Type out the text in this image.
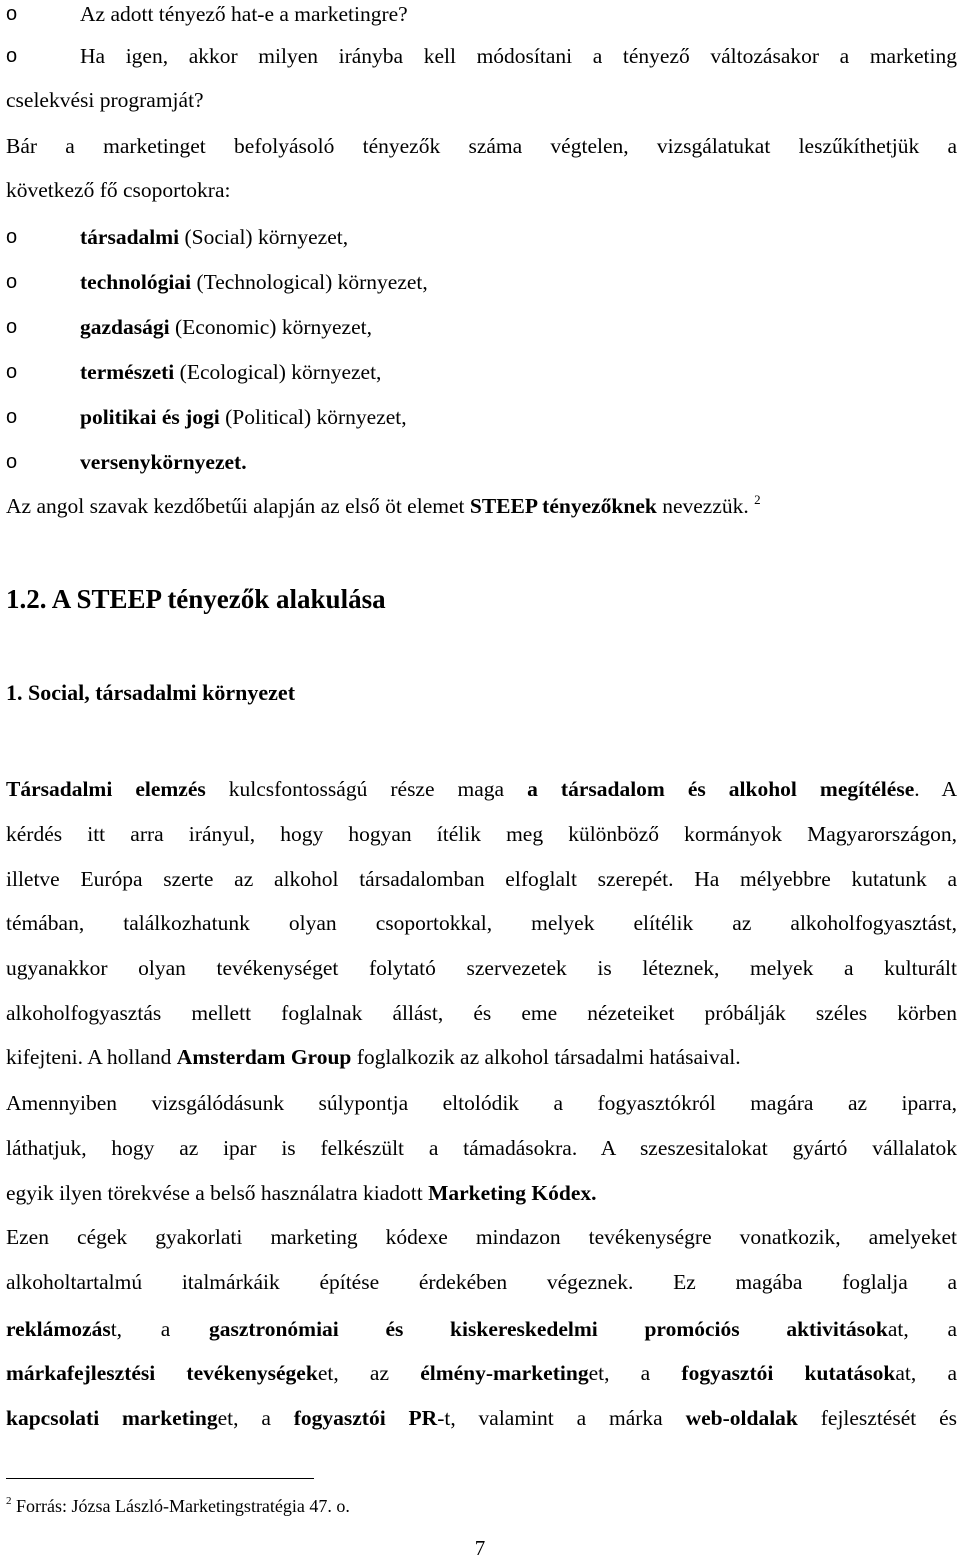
o	Az adott tényező hat-e a marketingre?
o	Ha igen, akkor milyen irányba kell módosítani a tényező változásakor a marketing
cselekvési programját?
Bár a marketinget befolyásoló tényezők száma végtelen, vizsgálatukat leszűkíthetjük a
következő fő csoportokra:
o	társadalmi (Social) környezet,
o	technológiai (Technological) környezet,
o	gazdasági (Economic) környezet,
o	természeti (Ecological) környezet,
o	politikai és jogi (Political) környezet,
o	versenykörnyezet.
Az angol szavak kezdőbetűi alapján az első öt elemet STEEP tényezőknek nevezzük. $^2$
1.2. A STEEP tényezők alakulása
1. Social, társadalmi környezet
Társadalmi elemzés kulcsfontosságú része maga a társadalom és alkohol megítélése. A
kérdés itt arra irányul, hogy hogyan ítélik meg különböző kormányok Magyarországon,
illetve Európa szerte az alkohol társadalomban elfoglalt szerepét. Ha mélyebbre kutatunk a
témában, találkozhatunk olyan csoportokkal, melyek elítélik az alkoholfogyasztást,
ugyanakkor olyan tevékenységet folytató szervezetek is léteznek, melyek a kulturált
alkoholfogyasztás mellett foglalnak állást, és eme nézeteiket próbálják széles körben
kifejteni. A holland Amsterdam Group foglalkozik az alkohol társadalmi hatásaival.
Amennyiben vizsgálódásunk súlypontja eltolódik a fogyasztókról magára az iparra,
láthatjuk, hogy az ipar is felkészült a támadásokra. A szeszesitalokat gyártó vállalatok
egyik ilyen törekvése a belső használatra kiadott Marketing Kódex.
Ezen cégek gyakorlati marketing kódexe mindazon tevékenységre vonatkozik, amelyeket
alkoholtartalmú italmárkáik építése érdekében végeznek. Ez magába foglalja a
reklámozást, a gasztronómiai és kiskereskedelmi promóciós aktivitásokat, a
márkafejlesztési tevékenységeket, az élmény-marketinget, a fogyasztói kutatásokat, a
kapcsolati marketinget, a fogyasztói PR-t, valamint a márka web-oldalak fejlesztését és
$^2$ Forrás: Józsa László-Marketingstratégia 47. o.
7
